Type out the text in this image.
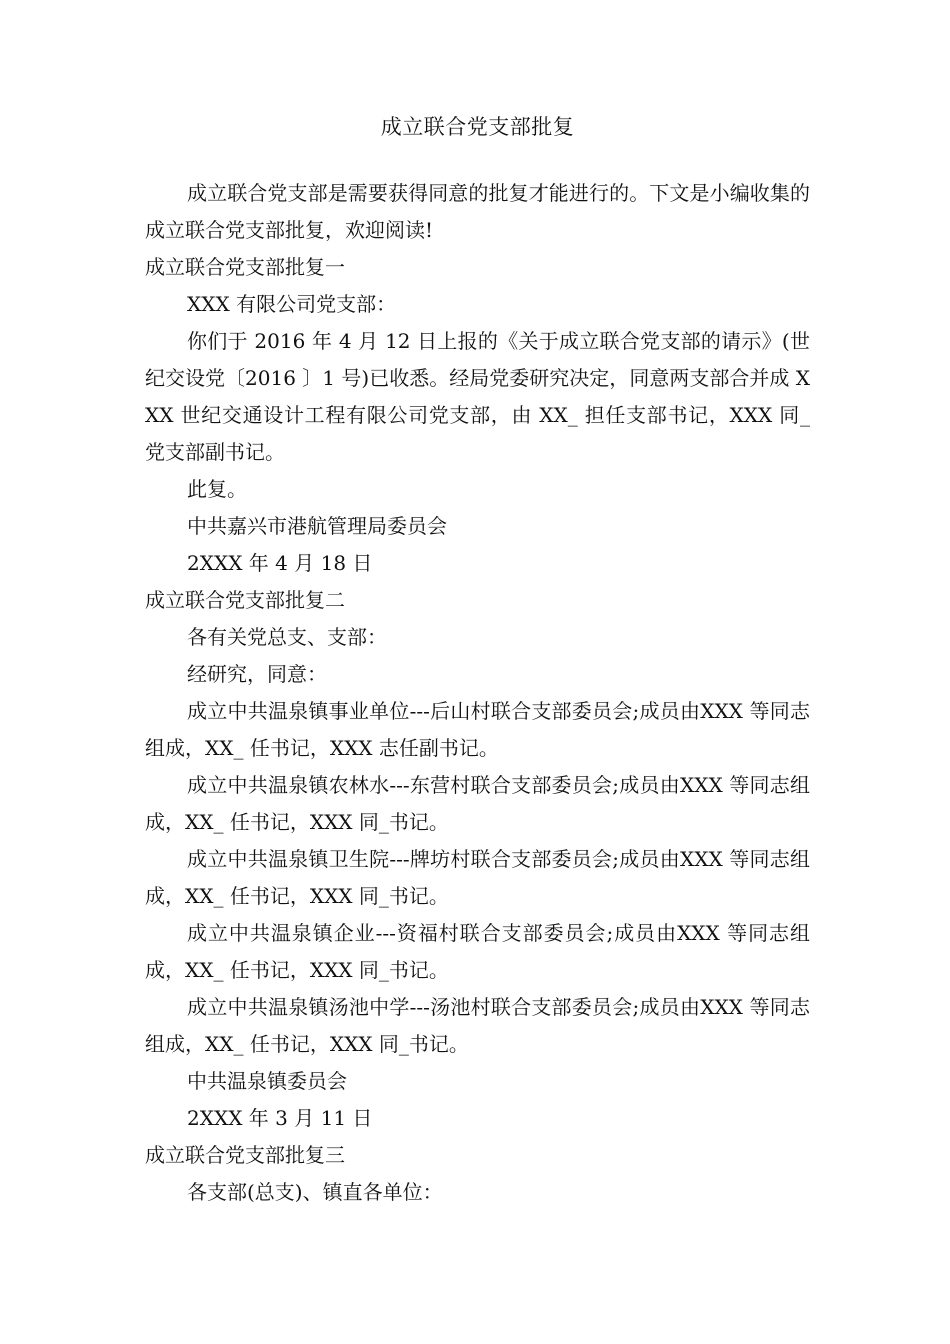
成立联合党支部批复

成立联合党支部是需要获得同意的批复才能进行的。下文是小编收集的成立联合党支部批复，欢迎阅读!

成立联合党支部批复一

XXX 有限公司党支部：

你们于 2016 年 4 月 12 日上报的《关于成立联合党支部的请示》(世纪交设党〔2016 〕1 号)已收悉。经局党委研究决定，同意两支部合并成 XXX 世纪交通设计工程有限公司党支部，由 XX_ 担任支部书记，XXX 同_党支部副书记。

此复。

中共嘉兴市港航管理局委员会

2XXX 年 4 月 18 日

成立联合党支部批复二

各有关党总支、支部：

经研究，同意：

成立中共温泉镇事业单位---后山村联合支部委员会;成员由XXX 等同志组成，XX_ 任书记，XXX 志任副书记。

成立中共温泉镇农林水---东营村联合支部委员会;成员由XXX 等同志组成，XX_ 任书记，XXX 同_书记。

成立中共温泉镇卫生院---牌坊村联合支部委员会;成员由XXX 等同志组成，XX_ 任书记，XXX 同_书记。

成立中共温泉镇企业---资福村联合支部委员会;成员由XXX 等同志组成，XX_ 任书记，XXX 同_书记。

成立中共温泉镇汤池中学---汤池村联合支部委员会;成员由XXX 等同志组成，XX_ 任书记，XXX 同_书记。

中共温泉镇委员会

2XXX 年 3 月 11 日

成立联合党支部批复三

各支部(总支)、镇直各单位：
